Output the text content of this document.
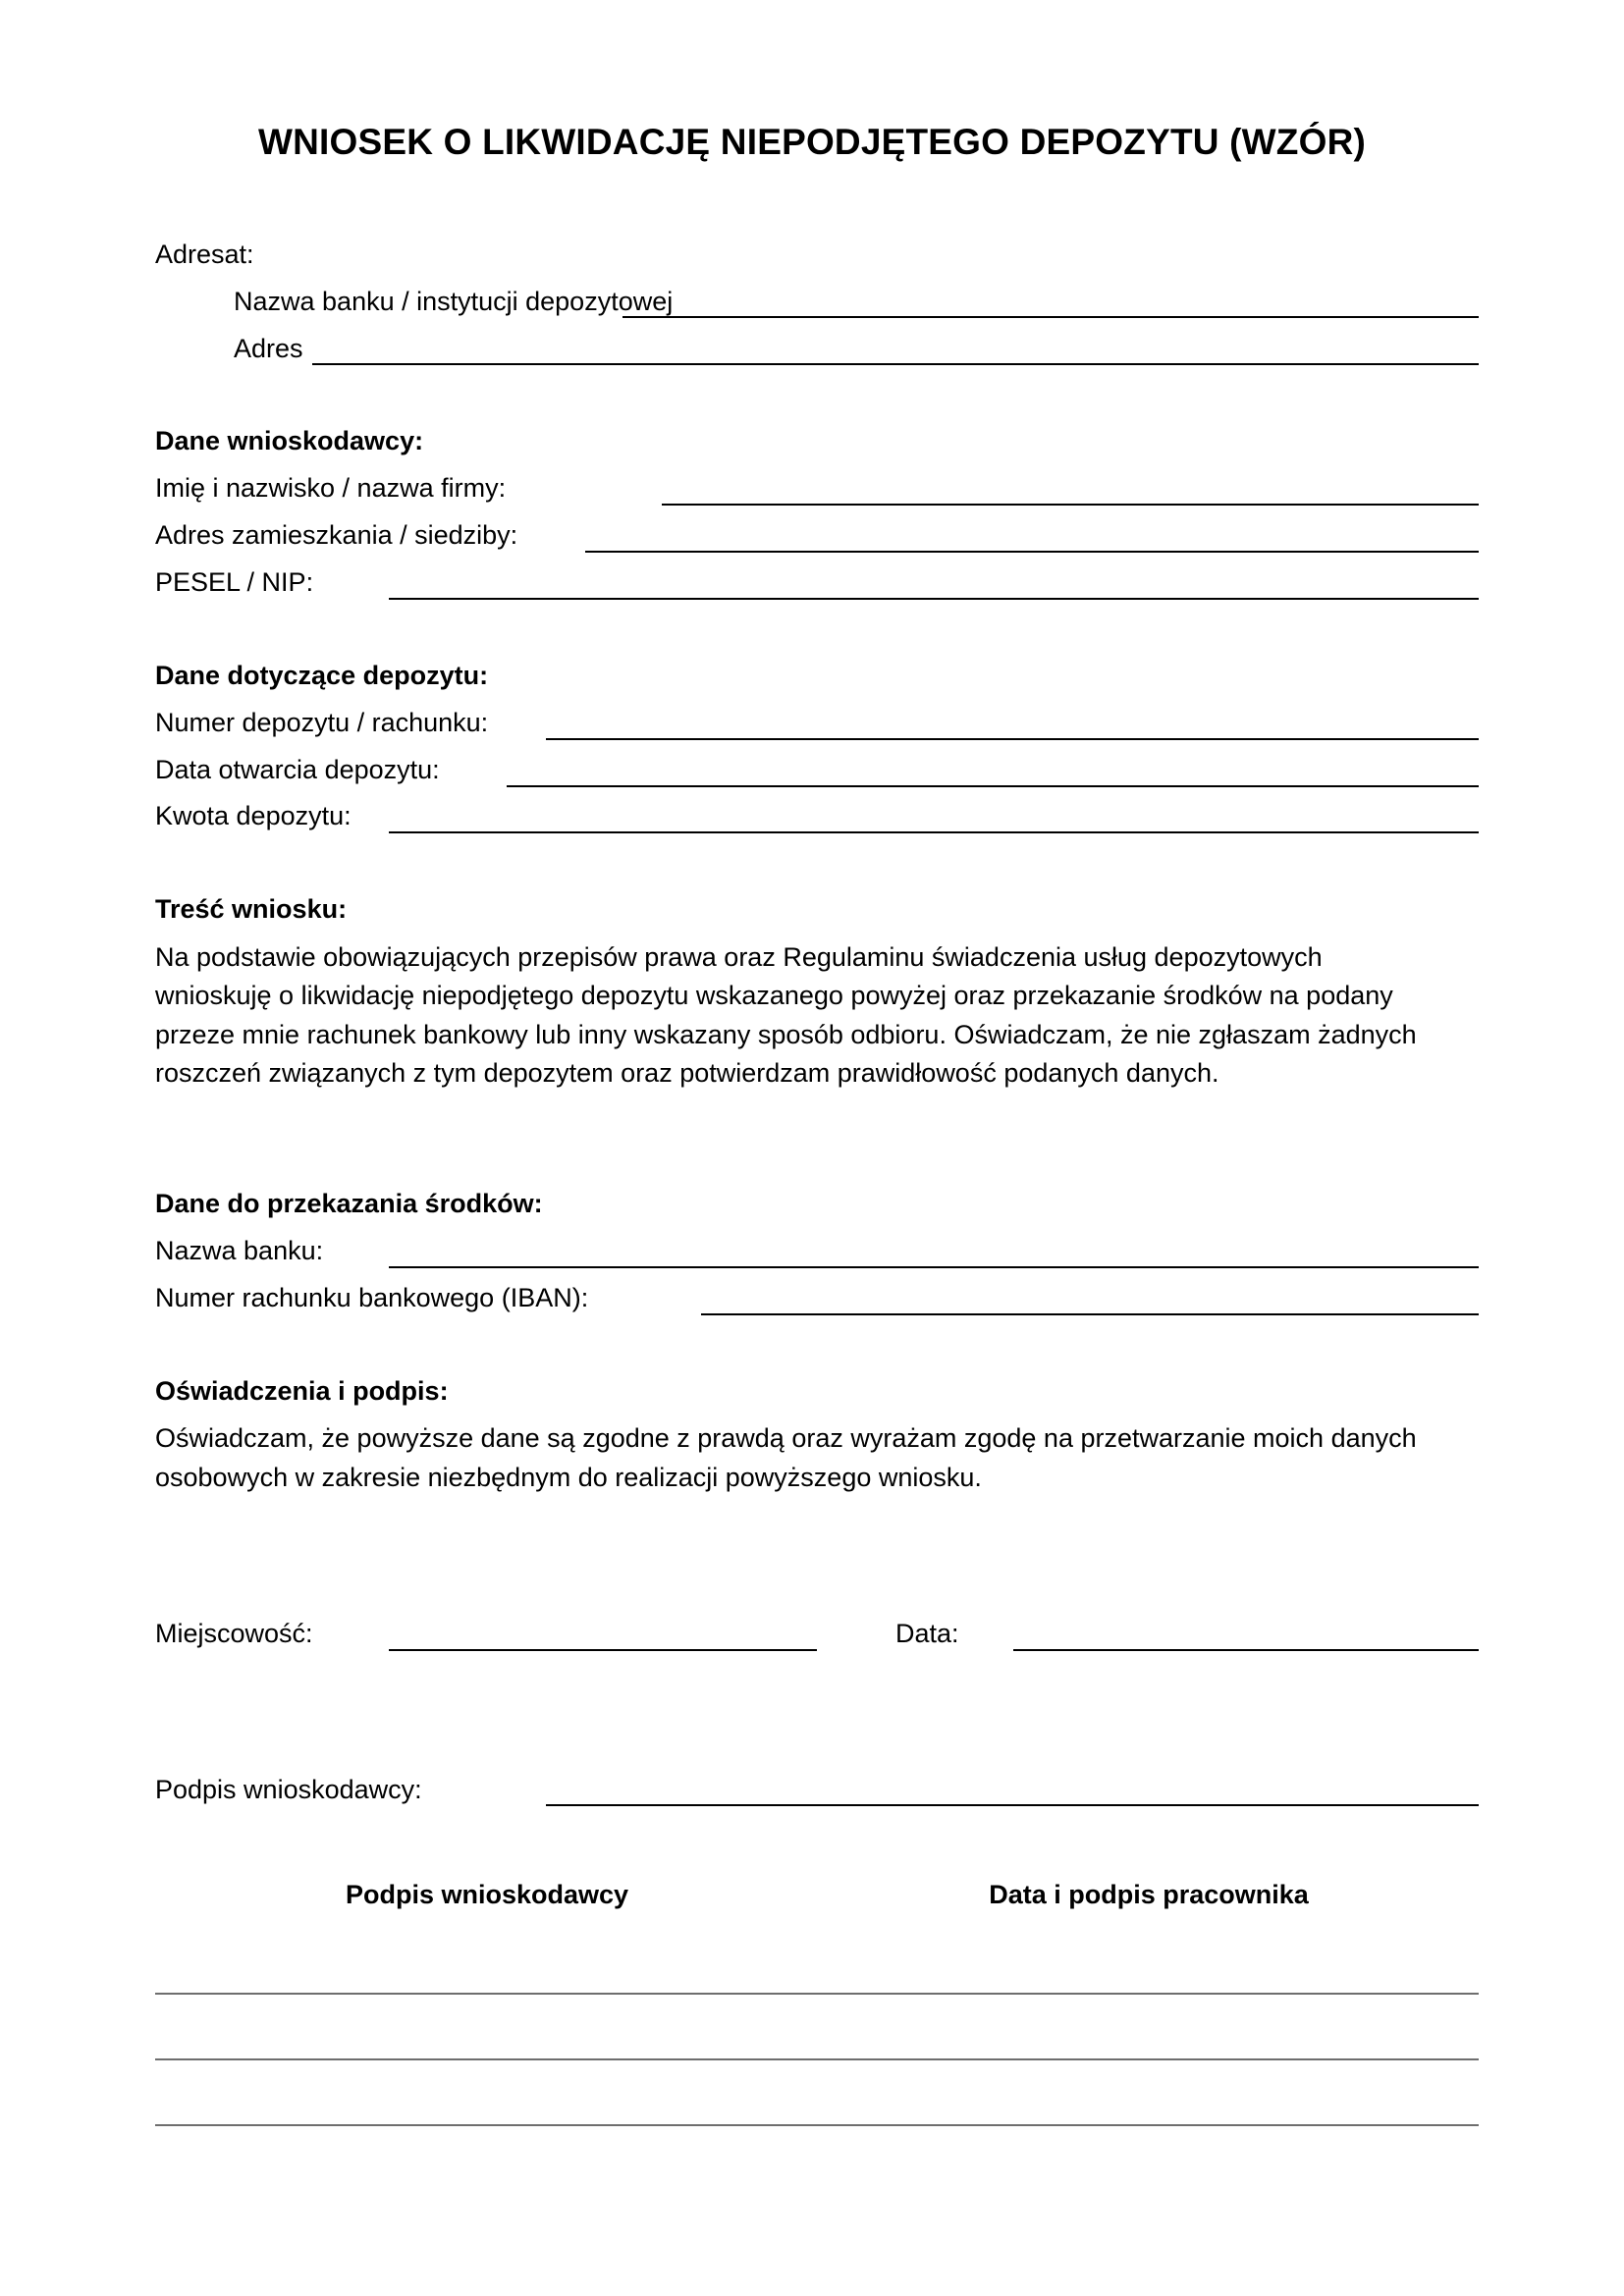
WNIOSEK O LIKWIDACJĘ NIEPODJĘTEGO DEPOZYTU (WZÓR)
Adresat:
Nazwa banku / instytucji depozytowej
Adres
Dane wnioskodawcy:
Imię i nazwisko / nazwa firmy:
Adres zamieszkania / siedziby:
PESEL / NIP:
Dane dotyczące depozytu:
Numer depozytu / rachunku:
Data otwarcia depozytu:
Kwota depozytu:
Treść wniosku:
Na podstawie obowiązujących przepisów prawa oraz Regulaminu świadczenia usług depozytowych
wnioskuję o likwidację niepodjętego depozytu wskazanego powyżej oraz przekazanie środków na podany
przeze mnie rachunek bankowy lub inny wskazany sposób odbioru. Oświadczam, że nie zgłaszam żadnych
roszczeń związanych z tym depozytem oraz potwierdzam prawidłowość podanych danych.
Dane do przekazania środków:
Nazwa banku:
Numer rachunku bankowego (IBAN):
Oświadczenia i podpis:
Oświadczam, że powyższe dane są zgodne z prawdą oraz wyrażam zgodę na przetwarzanie moich danych
osobowych w zakresie niezbędnym do realizacji powyższego wniosku.
Miejscowość:	Data:
Podpis wnioskodawcy:
Podpis wnioskodawcy	Data i podpis pracownika
